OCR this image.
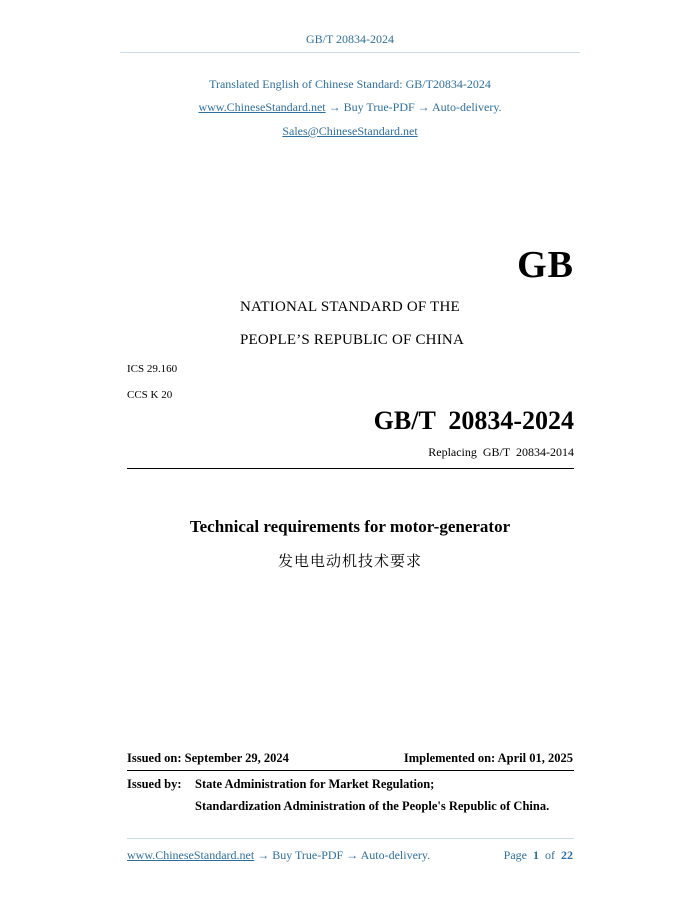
GB/T 20834-2024
Translated English of Chinese Standard: GB/T20834-2024
www.ChineseStandard.net → Buy True-PDF → Auto-delivery.
Sales@ChineseStandard.net
GB
NATIONAL STANDARD OF THE
PEOPLE’S REPUBLIC OF CHINA
ICS 29.160
CCS K 20
GB/T  20834-2024
Replacing  GB/T  20834-2014
Technical requirements for motor-generator
发电电动机技术要求
Issued on: September 29, 2024	Implemented on: April 01, 2025
Issued by: State Administration for Market Regulation;
Standardization Administration of the People's Republic of China.
www.ChineseStandard.net → Buy True-PDF → Auto-delivery.	Page 1 of 22
